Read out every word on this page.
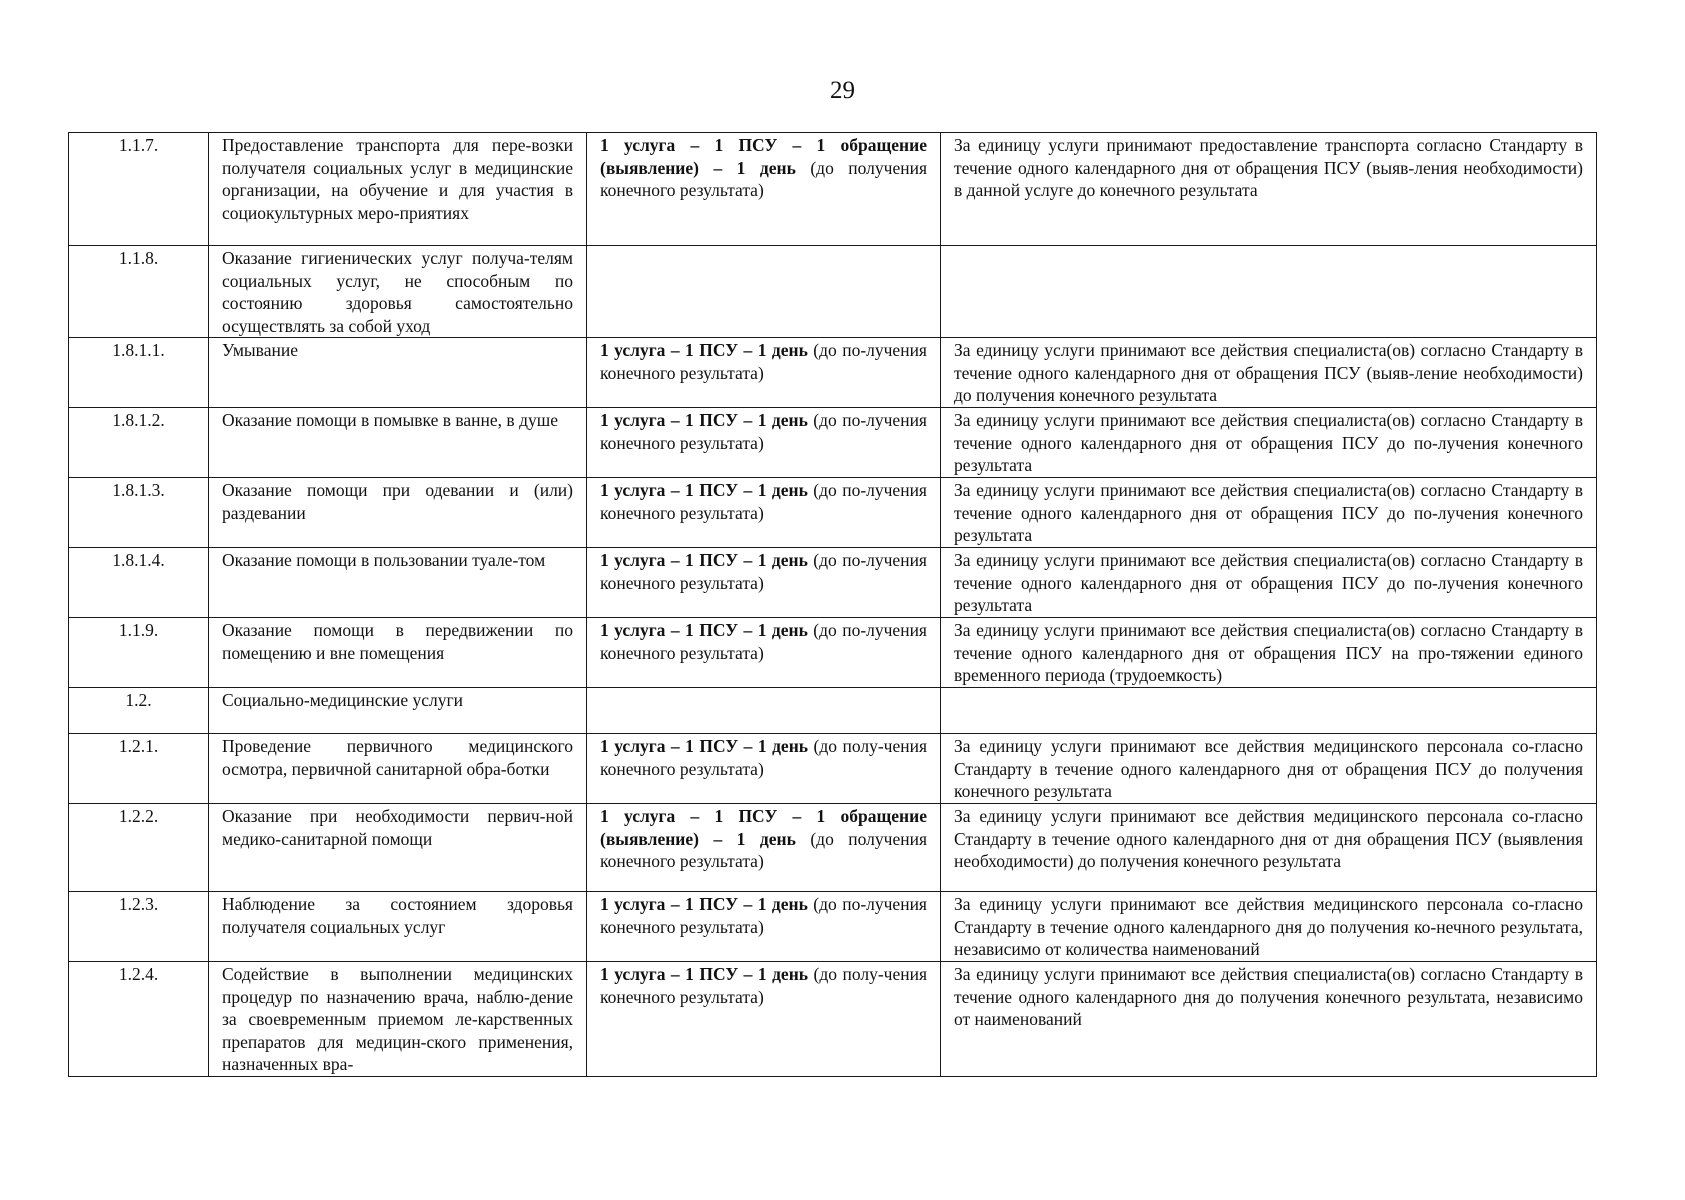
29
1.1.7.	Предоставление транспорта для пере-возки получателя социальных услуг в медицинские организации, на обучение и для участия в социокультурных меро-приятиях	1 услуга – 1 ПСУ – 1 обращение (выявление) – 1 день (до получения конечного результата)	За единицу услуги принимают предоставление транспорта согласно Стандарту в течение одного календарного дня от обращения ПСУ (выяв-ления необходимости) в данной услуге до конечного результата
1.1.8.	Оказание гигиенических услуг получа-телям социальных услуг, не способным по состоянию здоровья самостоятельно осуществлять за собой уход		
1.8.1.1.	Умывание	1 услуга – 1 ПСУ – 1 день (до по-лучения конечного результата)	За единицу услуги принимают все действия специалиста(ов) согласно Стандарту в течение одного календарного дня от обращения ПСУ (выяв-ление необходимости) до получения конечного результата
1.8.1.2.	Оказание помощи в помывке в ванне, в душе	1 услуга – 1 ПСУ – 1 день (до по-лучения конечного результата)	За единицу услуги принимают все действия специалиста(ов) согласно Стандарту в течение одного календарного дня от обращения ПСУ до по-лучения конечного результата
1.8.1.3.	Оказание помощи при одевании и (или) раздевании	1 услуга – 1 ПСУ – 1 день (до по-лучения конечного результата)	За единицу услуги принимают все действия специалиста(ов) согласно Стандарту в течение одного календарного дня от обращения ПСУ до по-лучения конечного результата
1.8.1.4.	Оказание помощи в пользовании туале-том	1 услуга – 1 ПСУ – 1 день (до по-лучения конечного результата)	За единицу услуги принимают все действия специалиста(ов) согласно Стандарту в течение одного календарного дня от обращения ПСУ до по-лучения конечного результата
1.1.9.	Оказание помощи в передвижении по помещению и вне помещения	1 услуга – 1 ПСУ – 1 день (до по-лучения конечного результата)	За единицу услуги принимают все действия специалиста(ов) согласно Стандарту в течение одного календарного дня от обращения ПСУ на про-тяжении единого временного периода (трудоемкость)
1.2.	Социально-медицинские услуги		
1.2.1.	Проведение первичного медицинского осмотра, первичной санитарной обра-ботки	1 услуга – 1 ПСУ – 1 день (до полу-чения конечного результата)	За единицу услуги принимают все действия медицинского персонала со-гласно Стандарту в течение одного календарного дня от обращения ПСУ до получения конечного результата
1.2.2.	Оказание при необходимости первич-ной медико-санитарной помощи	1 услуга – 1 ПСУ – 1 обращение (выявление) – 1 день (до получения конечного результата)	За единицу услуги принимают все действия медицинского персонала со-гласно Стандарту в течение одного календарного дня от дня обращения ПСУ (выявления необходимости) до получения конечного результата
1.2.3.	Наблюдение за состоянием здоровья получателя социальных услуг	1 услуга – 1 ПСУ – 1 день (до по-лучения конечного результата)	За единицу услуги принимают все действия медицинского персонала со-гласно Стандарту в течение одного календарного дня до получения ко-нечного результата, независимо от количества наименований
1.2.4.	Содействие в выполнении медицинских процедур по назначению врача, наблю-дение за своевременным приемом ле-карственных препаратов для медицин-ского применения, назначенных вра-	1 услуга – 1 ПСУ – 1 день (до полу-чения конечного результата)	За единицу услуги принимают все действия специалиста(ов) согласно Стандарту в течение одного календарного дня до получения конечного результата, независимо от наименований
